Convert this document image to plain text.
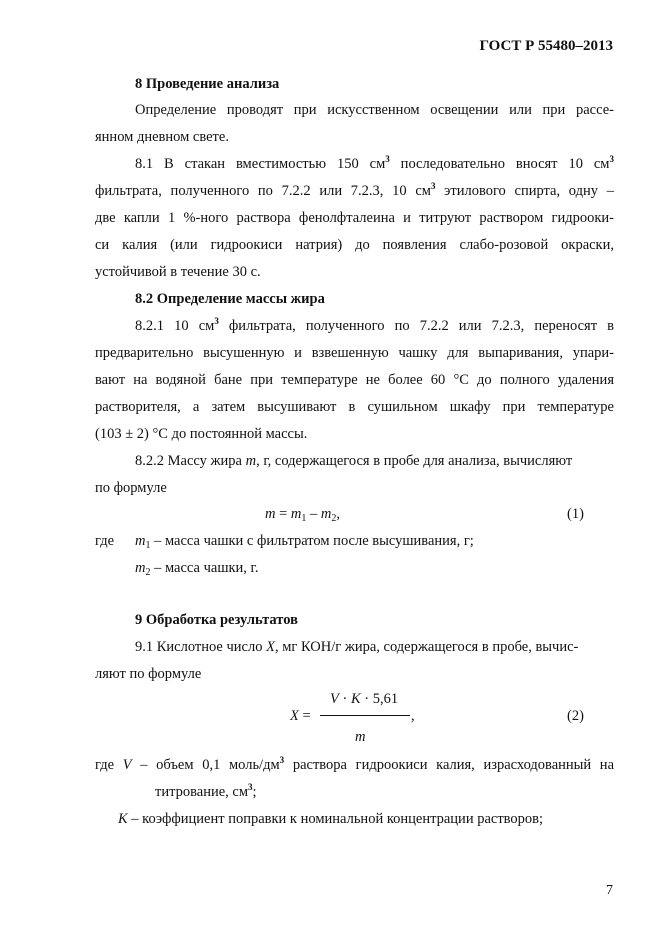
ГОСТ Р 55480–2013
8 Проведение анализа
Определение проводят при искусственном освещении или при рассе-
янном дневном свете.
8.1 В стакан вместимостью 150 $см^3$ последовательно вносят 10 $см^3$
фильтрата, полученного по 7.2.2 или 7.2.3, 10 $см^3$ этилового спирта, одну –
две капли 1 %-ного раствора фенолфталеина и титруют раствором гидрооки-
си калия (или гидроокиси натрия) до появления слабо-розовой окраски,
устойчивой в течение 30 с.
8.2 Определение массы жира
8.2.1 10 $см^3$ фильтрата, полученного по 7.2.2 или 7.2.3, переносят в
предварительно высушенную и взвешенную чашку для выпаривания, упари-
вают на водяной бане при температуре не более 60 °С до полного удаления
растворителя, а затем высушивают в сушильном шкафу при температуре
(103 ± 2) °С до постоянной массы.
8.2.2 Массу жира m, г, содержащегося в пробе для анализа, вычисляют
по формуле
$m = m_1 - m_2$,	(1)
где $m_1$ – масса чашки с фильтратом после высушивания, г;
$m_2$ – масса чашки, г.
9 Обработка результатов
9.1 Кислотное число X, мг КОН/г жира, содержащегося в пробе, вычис-
ляют по формуле
V · K · 5,61
X =	,
m
(2)
где V – объем 0,1 моль/$дм^3$ раствора гидроокиси калия, израсходованный на
титрование, $см^3$;
K – коэффициент поправки к номинальной концентрации растворов;
7
